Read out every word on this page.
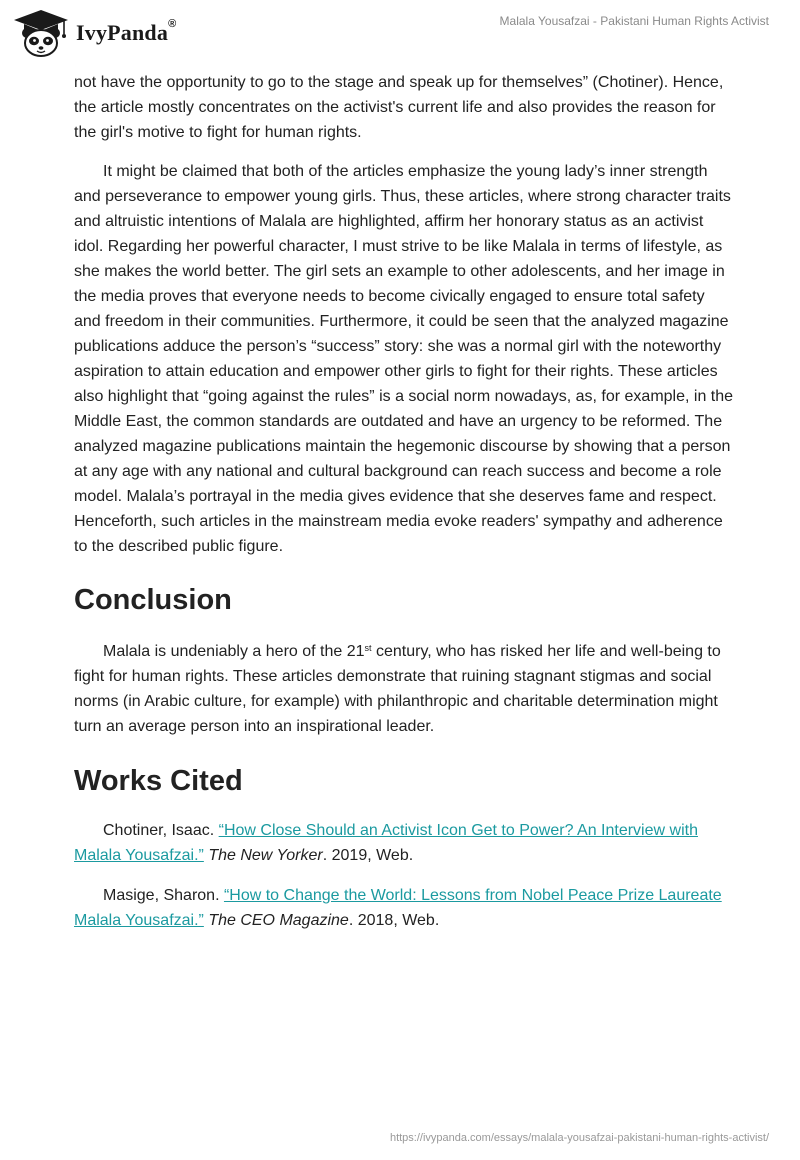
IvyPanda®	Malala Yousafzai - Pakistani Human Rights Activist

not have the opportunity to go to the stage and speak up for themselves” (Chotiner). Hence, the article mostly concentrates on the activist's current life and also provides the reason for the girl's motive to fight for human rights.

It might be claimed that both of the articles emphasize the young lady’s inner strength and perseverance to empower young girls. Thus, these articles, where strong character traits and altruistic intentions of Malala are highlighted, affirm her honorary status as an activist idol. Regarding her powerful character, I must strive to be like Malala in terms of lifestyle, as she makes the world better. The girl sets an example to other adolescents, and her image in the media proves that everyone needs to become civically engaged to ensure total safety and freedom in their communities. Furthermore, it could be seen that the analyzed magazine publications adduce the person’s “success” story: she was a normal girl with the noteworthy aspiration to attain education and empower other girls to fight for their rights. These articles also highlight that “going against the rules” is a social norm nowadays, as, for example, in the Middle East, the common standards are outdated and have an urgency to be reformed. The analyzed magazine publications maintain the hegemonic discourse by showing that a person at any age with any national and cultural background can reach success and become a role model. Malala’s portrayal in the media gives evidence that she deserves fame and respect. Henceforth, such articles in the mainstream media evoke readers' sympathy and adherence to the described public figure.

Conclusion

Malala is undeniably a hero of the 21st century, who has risked her life and well-being to fight for human rights. These articles demonstrate that ruining stagnant stigmas and social norms (in Arabic culture, for example) with philanthropic and charitable determination might turn an average person into an inspirational leader.

Works Cited

Chotiner, Isaac. “How Close Should an Activist Icon Get to Power? An Interview with Malala Yousafzai.” The New Yorker. 2019, Web.

Masige, Sharon. “How to Change the World: Lessons from Nobel Peace Prize Laureate Malala Yousafzai.” The CEO Magazine. 2018, Web.

https://ivypanda.com/essays/malala-yousafzai-pakistani-human-rights-activist/
